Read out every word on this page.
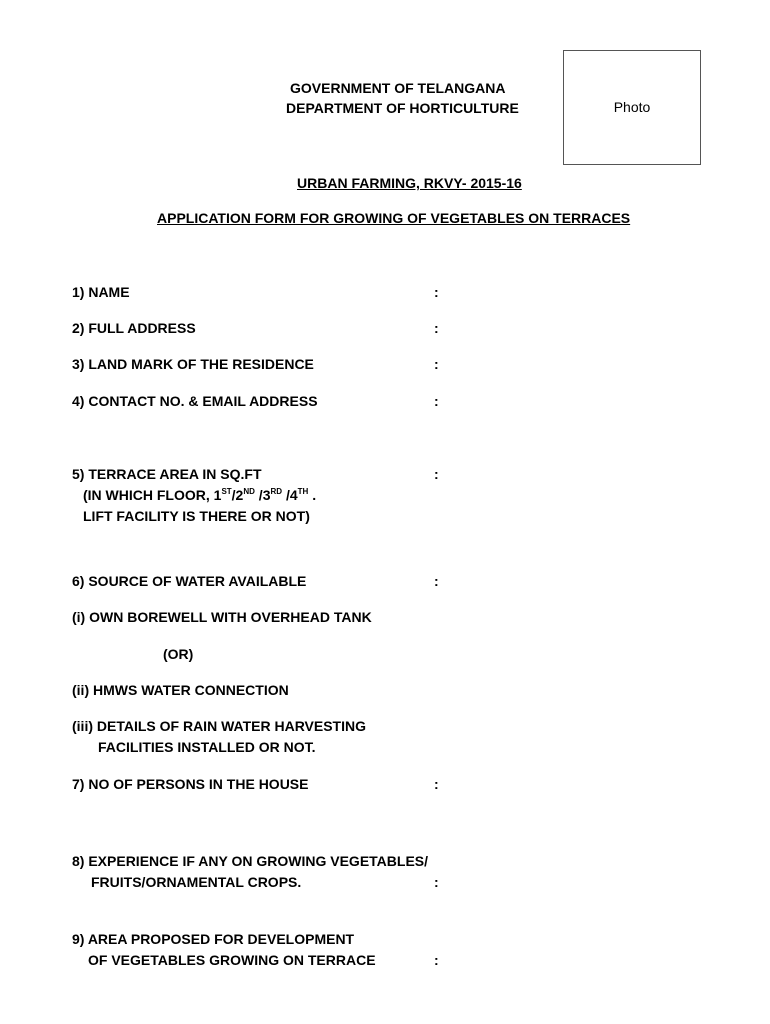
GOVERNMENT OF TELANGANA
DEPARTMENT OF HORTICULTURE	Photo
URBAN FARMING, RKVY- 2015-16
APPLICATION FORM FOR GROWING OF VEGETABLES ON TERRACES
1) NAME	:
2) FULL ADDRESS	:
3) LAND MARK OF THE RESIDENCE	:
4) CONTACT NO. & EMAIL ADDRESS	:
5) TERRACE AREA IN SQ.FT	:
(IN WHICH FLOOR, 1ST/2ND /3RD /4TH .
LIFT FACILITY IS THERE OR NOT)
6) SOURCE OF WATER AVAILABLE	:
(i) OWN BOREWELL WITH OVERHEAD TANK
(OR)
(ii) HMWS WATER CONNECTION
(iii) DETAILS OF RAIN WATER HARVESTING
FACILITIES INSTALLED OR NOT.
7) NO OF PERSONS IN THE HOUSE	:
8) EXPERIENCE IF ANY ON GROWING VEGETABLES/
FRUITS/ORNAMENTAL CROPS.	:
9) AREA PROPOSED FOR DEVELOPMENT
OF VEGETABLES GROWING ON TERRACE	:
